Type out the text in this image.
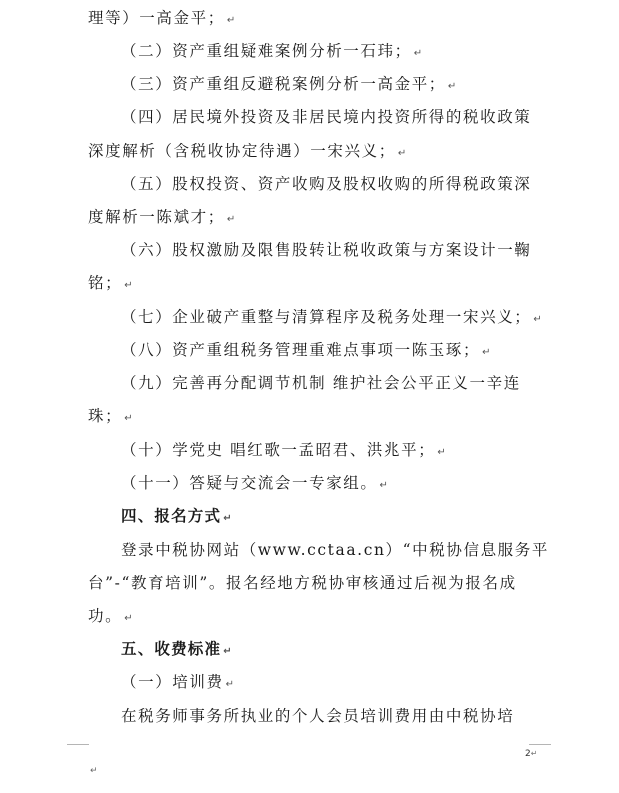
理等）一高金平； ↵
（二）资产重组疑难案例分析一石玮； ↵
（三）资产重组反避税案例分析一高金平； ↵
（四）居民境外投资及非居民境内投资所得的税收政策
深度解析（含税收协定待遇）一宋兴义； ↵
（五）股权投资、资产收购及股权收购的所得税政策深
度解析一陈斌才； ↵
（六）股权激励及限售股转让税收政策与方案设计一鞠
铭； ↵
（七）企业破产重整与清算程序及税务处理一宋兴义； ↵
（八）资产重组税务管理重难点事项一陈玉琢； ↵
（九）完善再分配调节机制 维护社会公平正义一辛连
珠； ↵
（十）学党史 唱红歌一孟昭君、洪兆平； ↵
（十一）答疑与交流会一专家组。 ↵
四、报名方式 ↵
登录中税协网站（www.cctaa.cn）“中税协信息服务平
台”-“教育培训”。报名经地方税协审核通过后视为报名成
功。 ↵
五、收费标准 ↵
（一）培训费 ↵
在税务师事务所执业的个人会员培训费用由中税协培
2↵
↵
